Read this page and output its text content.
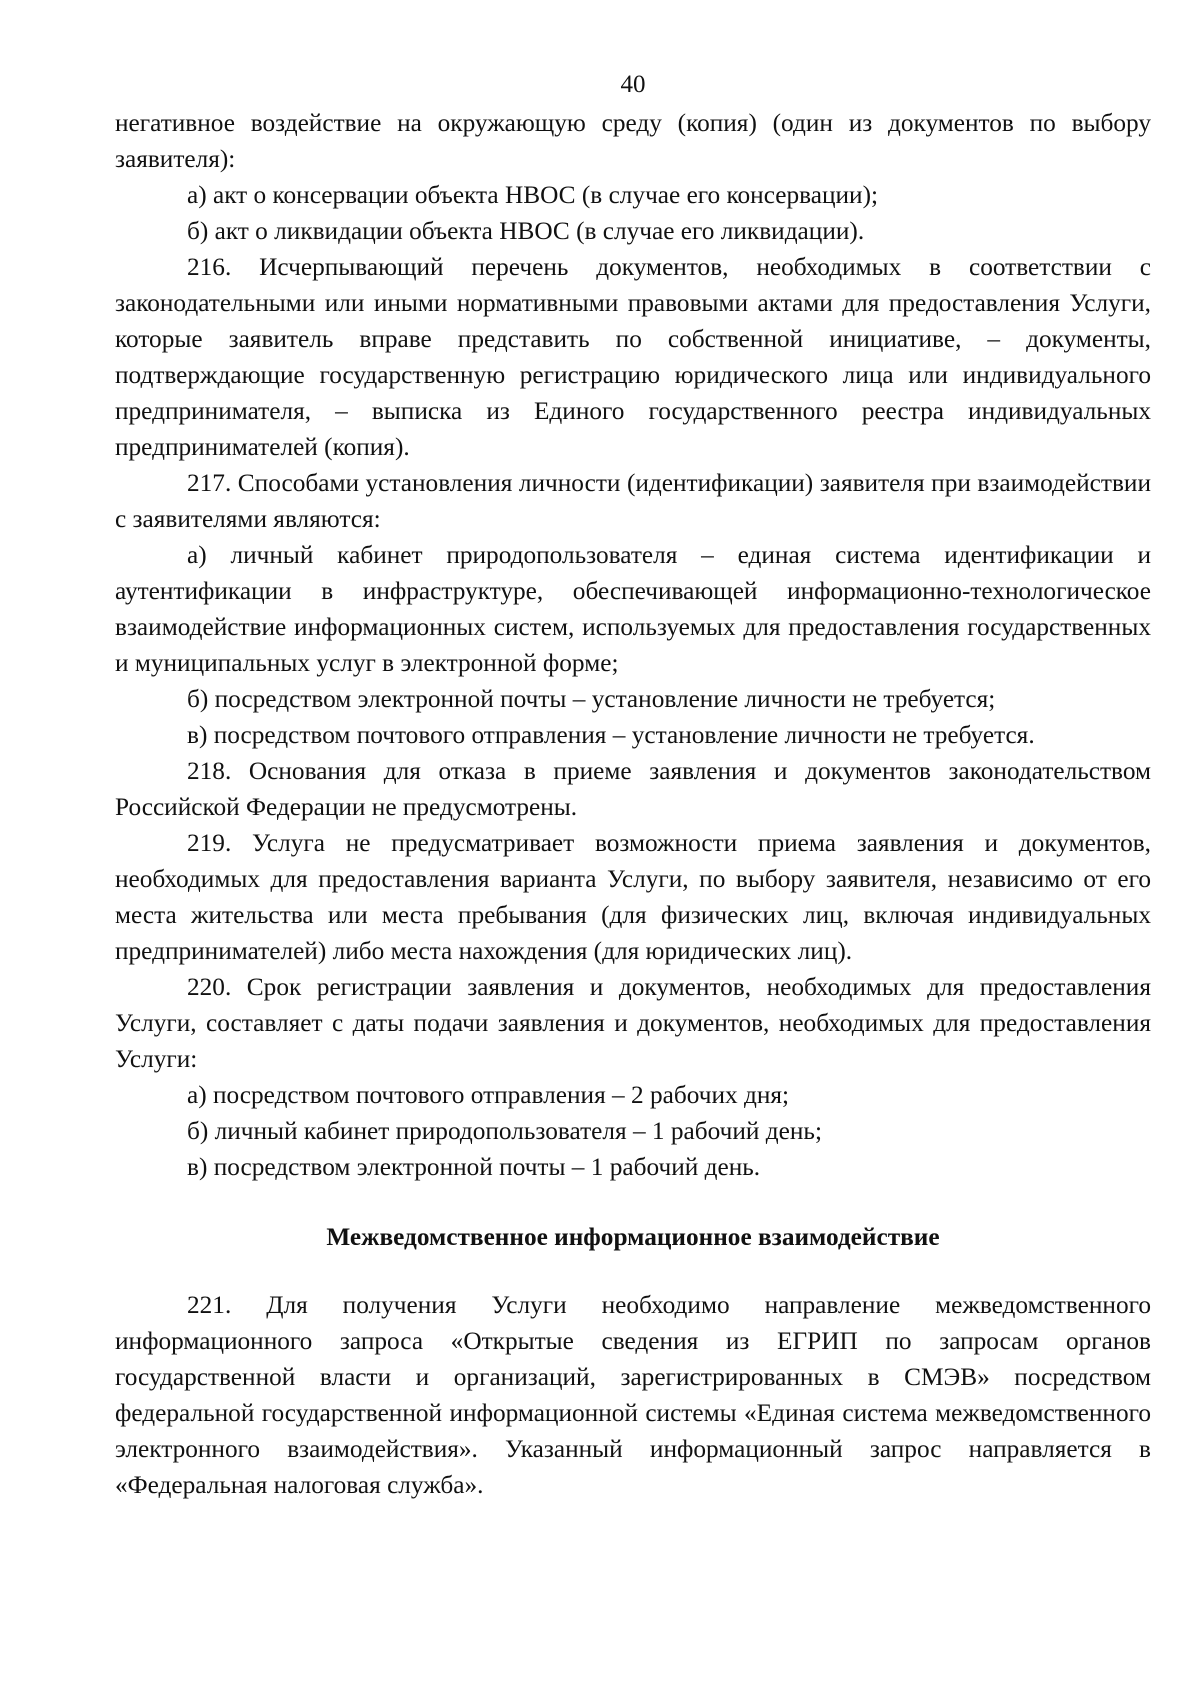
40

негативное воздействие на окружающую среду (копия) (один из документов по выбору заявителя):

а) акт о консервации объекта НВОС (в случае его консервации);

б) акт о ликвидации объекта НВОС (в случае его ликвидации).

216. Исчерпывающий перечень документов, необходимых в соответствии с законодательными или иными нормативными правовыми актами для предоставления Услуги, которые заявитель вправе представить по собственной инициативе, – документы, подтверждающие государственную регистрацию юридического лица или индивидуального предпринимателя, – выписка из Единого государственного реестра индивидуальных предпринимателей (копия).

217. Способами установления личности (идентификации) заявителя при взаимодействии с заявителями являются:

а) личный кабинет природопользователя – единая система идентификации и аутентификации в инфраструктуре, обеспечивающей информационно-технологическое взаимодействие информационных систем, используемых для предоставления государственных и муниципальных услуг в электронной форме;

б) посредством электронной почты – установление личности не требуется;

в) посредством почтового отправления – установление личности не требуется.

218. Основания для отказа в приеме заявления и документов законодательством Российской Федерации не предусмотрены.

219. Услуга не предусматривает возможности приема заявления и документов, необходимых для предоставления варианта Услуги, по выбору заявителя, независимо от его места жительства или места пребывания (для физических лиц, включая индивидуальных предпринимателей) либо места нахождения (для юридических лиц).

220. Срок регистрации заявления и документов, необходимых для предоставления Услуги, составляет с даты подачи заявления и документов, необходимых для предоставления Услуги:

а) посредством почтового отправления – 2 рабочих дня;

б) личный кабинет природопользователя – 1 рабочий день;

в) посредством электронной почты – 1 рабочий день.

Межведомственное информационное взаимодействие

221. Для получения Услуги необходимо направление межведомственного информационного запроса «Открытые сведения из ЕГРИП по запросам органов государственной власти и организаций, зарегистрированных в СМЭВ» посредством федеральной государственной информационной системы «Единая система межведомственного электронного взаимодействия». Указанный информационный запрос направляется в «Федеральная налоговая служба».
